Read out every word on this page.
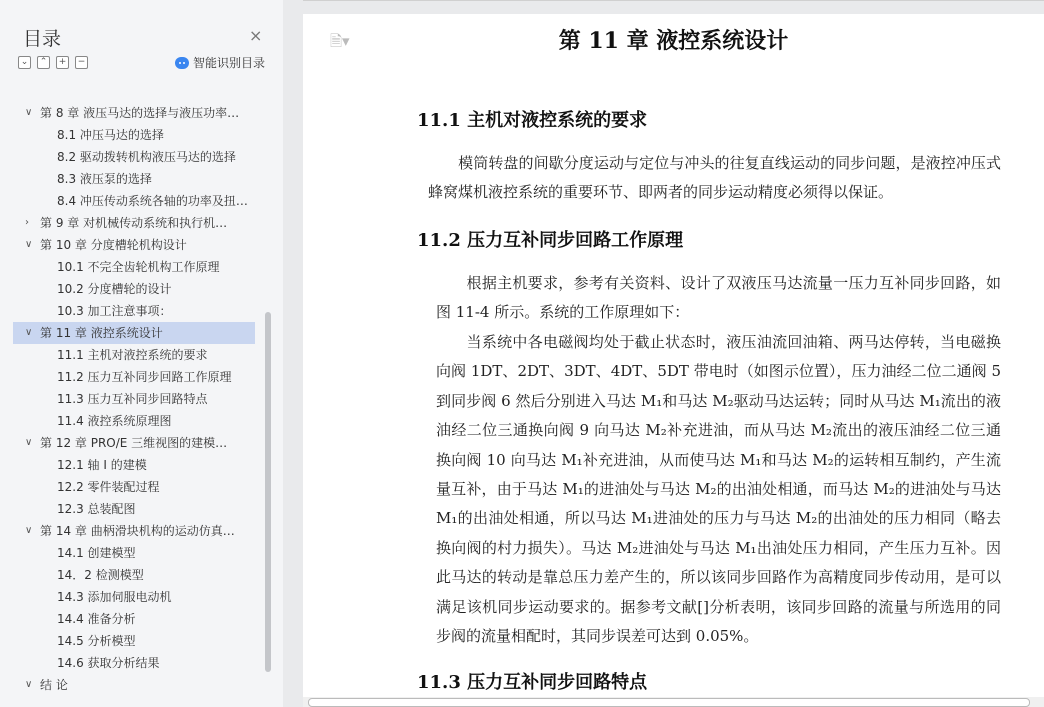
目录	×
⌄	⌃	+	−	智能识别目录
∨ 第 8 章 液压马达的选择与液压功率…
8.1 冲压马达的选择
8.2 驱动拨转机构液压马达的选择
8.3 液压泵的选择
8.4 冲压传动系统各轴的功率及扭…
› 第 9 章 对机械传动系统和执行机…
∨ 第 10 章 分度槽轮机构设计
10.1 不完全齿轮机构工作原理
10.2 分度槽轮的设计
10.3 加工注意事项：
∨ 第 11 章 液控系统设计
11.1 主机对液控系统的要求
11.2 压力互补同步回路工作原理
11.3 压力互补同步回路特点
11.4 液控系统原理图
∨ 第 12 章 PRO/E 三维视图的建模…
12.1 轴 I 的建模
12.2 零件装配过程
12.3 总装配图
∨ 第 14 章 曲柄滑块机构的运动仿真…
14.1 创建模型
14．2 检测模型
14.3 添加伺服电动机
14.4 准备分析
14.5 分析模型
14.6 获取分析结果
∨ 结 论
🗎▾	第 11 章 液控系统设计
11.1 主机对液控系统的要求
　　模筒转盘的间歇分度运动与定位与冲头的往复直线运动的同步问题，是液控冲压式蜂窝煤机液控系统的重要环节、即两者的同步运动精度必须得以保证。
11.2 压力互补同步回路工作原理
　　根据主机要求，参考有关资料、设计了双液压马达流量一压力互补同步回路，如图 11-4 所示。系统的工作原理如下：
　　当系统中各电磁阀均处于截止状态时，液压油流回油箱、两马达停转，当电磁换向阀 1DT、2DT、3DT、4DT、5DT 带电时（如图示位置），压力油经二位二通阀 5 到同步阀 6 然后分别进入马达 M₁和马达 M₂驱动马达运转；同时从马达 M₁流出的液油经二位三通换向阀 9 向马达 M₂补充进油，而从马达 M₂流出的液压油经二位三通换向阀 10 向马达 M₁补充进油，从而使马达 M₁和马达 M₂的运转相互制约，产生流量互补，由于马达 M₁的进油处与马达 M₂的出油处相通，而马达 M₂的进油处与马达 M₁的出油处相通，所以马达 M₁进油处的压力与马达 M₂的出油处的压力相同（略去换向阀的村力损失）。马达 M₂进油处与马达 M₁出油处压力相同，产生压力互补。因此马达的转动是靠总压力差产生的，所以该同步回路作为高精度同步传动用，是可以满足该机同步运动要求的。据参考文献[]分析表明，该同步回路的流量与所选用的同步阀的流量相配时，其同步误差可达到 0.05%。
11.3 压力互补同步回路特点
